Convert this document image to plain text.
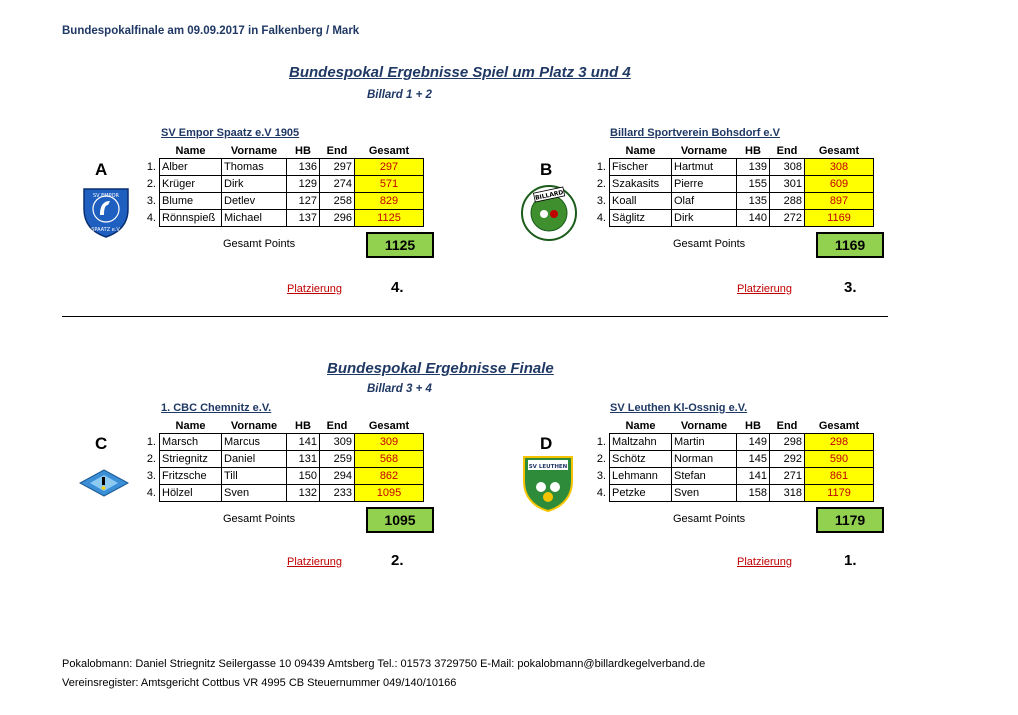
Bundespokalfinale am 09.09.2017 in Falkenberg / Mark
Bundespokal Ergebnisse Spiel um Platz 3 und 4
Billard 1 + 2
SV Empor Spaatz e.V 1905
A
SV EMPOR
SPAATZ e.V.
	Name	Vorname	HB	End	Gesamt
1.	Alber	Thomas	136	297	297
2.	Krüger	Dirk	129	274	571
3.	Blume	Detlev	127	258	829
4.	Rönnspieß	Michael	137	296	1125
Gesamt Points	1125
Platzierung	4.
Billard Sportverein Bohsdorf e.V
B
BILLARD
	Name	Vorname	HB	End	Gesamt
1.	Fischer	Hartmut	139	308	308
2.	Szakasits	Pierre	155	301	609
3.	Koall	Olaf	135	288	897
4.	Säglitz	Dirk	140	272	1169
Gesamt Points	1169
Platzierung	3.
Bundespokal Ergebnisse Finale
Billard 3 + 4
1. CBC Chemnitz e.V.
C
	Name	Vorname	HB	End	Gesamt
1.	Marsch	Marcus	141	309	309
2.	Striegnitz	Daniel	131	259	568
3.	Fritzsche	Till	150	294	862
4.	Hölzel	Sven	132	233	1095
Gesamt Points	1095
Platzierung	2.
SV Leuthen Kl-Ossnig e.V.
D
SV LEUTHEN
	Name	Vorname	HB	End	Gesamt
1.	Maltzahn	Martin	149	298	298
2.	Schötz	Norman	145	292	590
3.	Lehmann	Stefan	141	271	861
4.	Petzke	Sven	158	318	1179
Gesamt Points	1179
Platzierung	1.
Pokalobmann: Daniel Striegnitz Seilergasse 10 09439 Amtsberg Tel.: 01573 3729750 E-Mail: pokalobmann@billardkegelverband.de
Vereinsregister: Amtsgericht Cottbus VR 4995 CB Steuernummer 049/140/10166
